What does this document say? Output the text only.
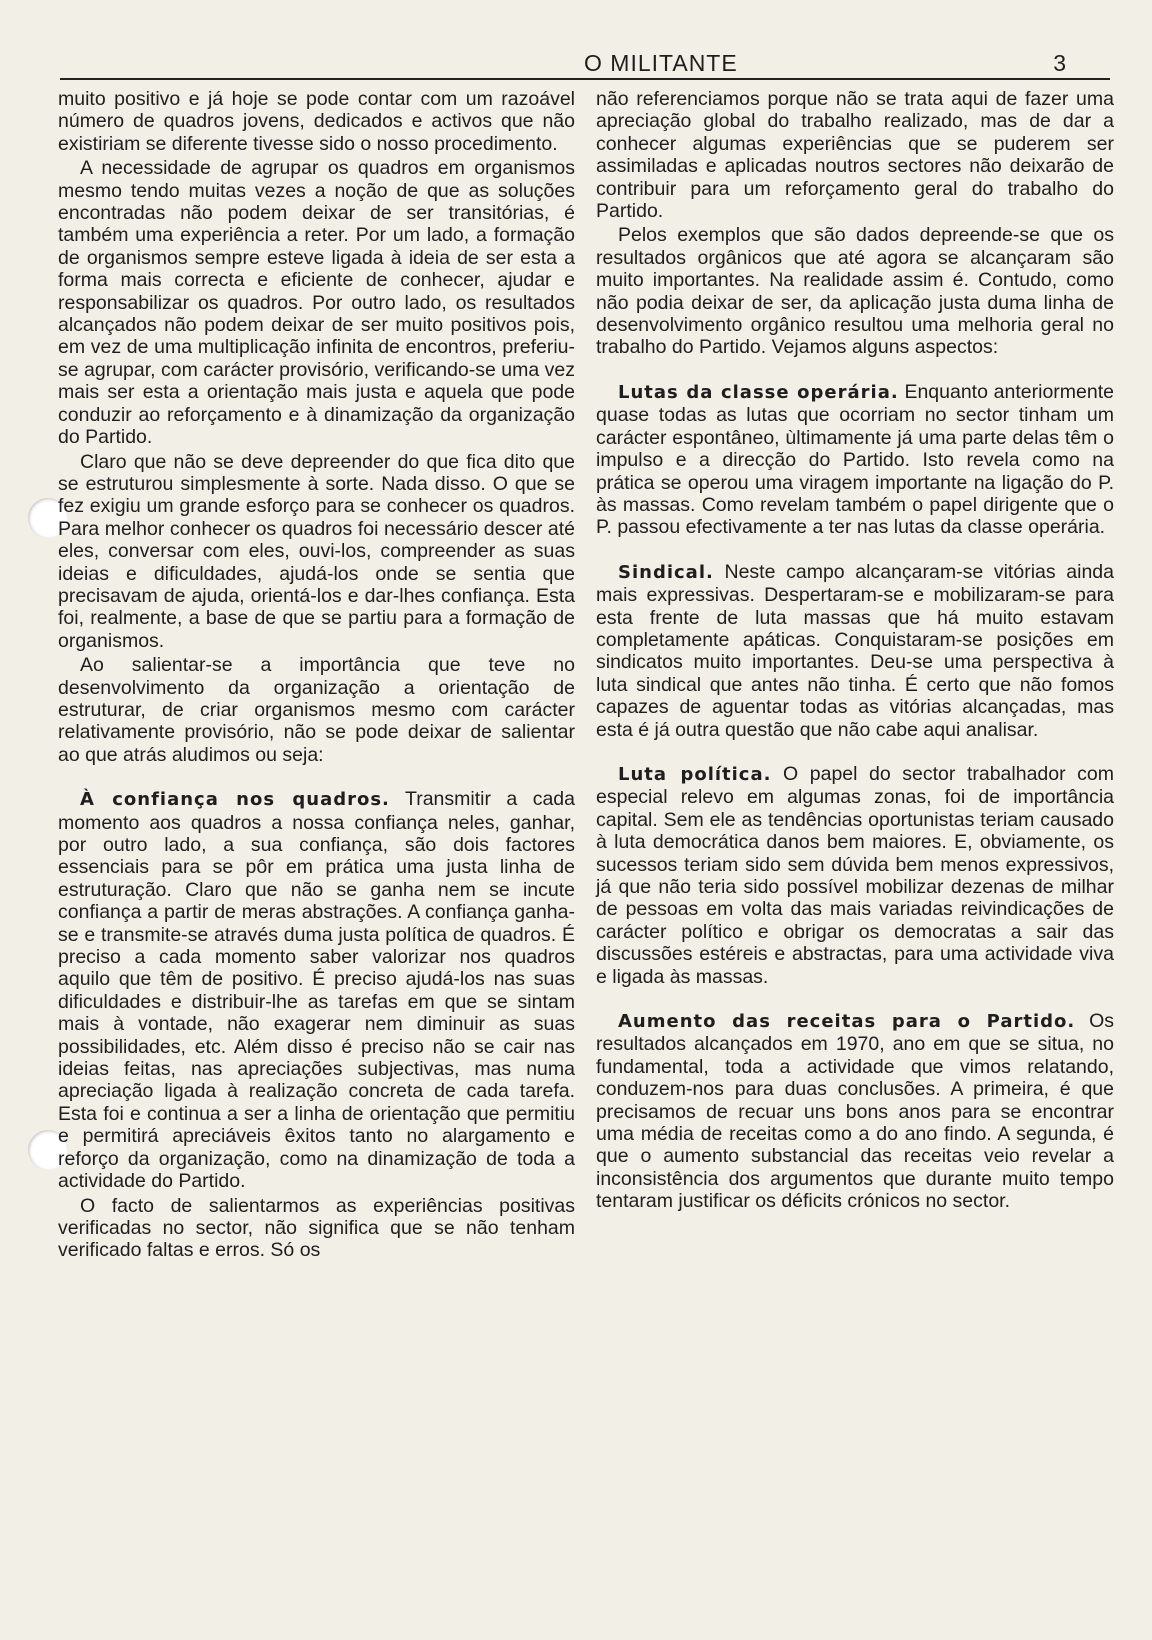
O MILITANTE	3

muito positivo e já hoje se pode contar com um razoável número de quadros jovens, dedicados e activos que não existiriam se diferente tivesse sido o nosso procedimento.

A necessidade de agrupar os quadros em organismos mesmo tendo muitas vezes a noção de que as soluções encontradas não podem deixar de ser transitórias, é também uma experiência a reter. Por um lado, a formação de organismos sempre esteve ligada à ideia de ser esta a forma mais correcta e eficiente de conhecer, ajudar e responsabilizar os quadros. Por outro lado, os resultados alcançados não podem deixar de ser muito positivos pois, em vez de uma multiplicação infinita de encontros, preferiu-se agrupar, com carácter provisório, verificando-se uma vez mais ser esta a orientação mais justa e aquela que pode conduzir ao reforçamento e à dinamização da organização do Partido.

Claro que não se deve depreender do que fica dito que se estruturou simplesmente à sorte. Nada disso. O que se fez exigiu um grande esforço para se conhecer os quadros. Para melhor conhecer os quadros foi necessário descer até eles, conversar com eles, ouvi-los, compreender as suas ideias e dificuldades, ajudá-los onde se sentia que precisavam de ajuda, orientá-los e dar-lhes confiança. Esta foi, realmente, a base de que se partiu para a formação de organismos.

Ao salientar-se a importância que teve no desenvolvimento da organização a orientação de estruturar, de criar organismos mesmo com carácter relativamente provisório, não se pode deixar de salientar ao que atrás aludimos ou seja:

À confiança nos quadros. Transmitir a cada momento aos quadros a nossa confiança neles, ganhar, por outro lado, a sua confiança, são dois factores essenciais para se pôr em prática uma justa linha de estruturação. Claro que não se ganha nem se incute confiança a partir de meras abstrações. A confiança ganha-se e transmite-se através duma justa política de quadros. É preciso a cada momento saber valorizar nos quadros aquilo que têm de positivo. É preciso ajudá-los nas suas dificuldades e distribuir-lhe as tarefas em que se sintam mais à vontade, não exagerar nem diminuir as suas possibilidades, etc. Além disso é preciso não se cair nas ideias feitas, nas apreciações subjectivas, mas numa apreciação ligada à realização concreta de cada tarefa. Esta foi e continua a ser a linha de orientação que permitiu e permitirá apreciáveis êxitos tanto no alargamento e reforço da organização, como na dinamização de toda a actividade do Partido.

O facto de salientarmos as experiências positivas verificadas no sector, não significa que se não tenham verificado faltas e erros. Só os

não referenciamos porque não se trata aqui de fazer uma apreciação global do trabalho realizado, mas de dar a conhecer algumas experiências que se puderem ser assimiladas e aplicadas noutros sectores não deixarão de contribuir para um reforçamento geral do trabalho do Partido.

Pelos exemplos que são dados depreende-se que os resultados orgânicos que até agora se alcançaram são muito importantes. Na realidade assim é. Contudo, como não podia deixar de ser, da aplicação justa duma linha de desenvolvimento orgânico resultou uma melhoria geral no trabalho do Partido. Vejamos alguns aspectos:

Lutas da classe operária. Enquanto anteriormente quase todas as lutas que ocorriam no sector tinham um carácter espontâneo, ùltimamente já uma parte delas têm o impulso e a direcção do Partido. Isto revela como na prática se operou uma viragem importante na ligação do P. às massas. Como revelam também o papel dirigente que o P. passou efectivamente a ter nas lutas da classe operária.

Sindical. Neste campo alcançaram-se vitórias ainda mais expressivas. Despertaram-se e mobilizaram-se para esta frente de luta massas que há muito estavam completamente apáticas. Conquistaram-se posições em sindicatos muito importantes. Deu-se uma perspectiva à luta sindical que antes não tinha. É certo que não fomos capazes de aguentar todas as vitórias alcançadas, mas esta é já outra questão que não cabe aqui analisar.

Luta política. O papel do sector trabalhador com especial relevo em algumas zonas, foi de importância capital. Sem ele as tendências oportunistas teriam causado à luta democrática danos bem maiores. E, obviamente, os sucessos teriam sido sem dúvida bem menos expressivos, já que não teria sido possível mobilizar dezenas de milhar de pessoas em volta das mais variadas reivindicações de carácter político e obrigar os democratas a sair das discussões estéreis e abstractas, para uma actividade viva e ligada às massas.

Aumento das receitas para o Partido. Os resultados alcançados em 1970, ano em que se situa, no fundamental, toda a actividade que vimos relatando, conduzem-nos para duas conclusões. A primeira, é que precisamos de recuar uns bons anos para se encontrar uma média de receitas como a do ano findo. A segunda, é que o aumento substancial das receitas veio revelar a inconsistência dos argumentos que durante muito tempo tentaram justificar os déficits crónicos no sector.
